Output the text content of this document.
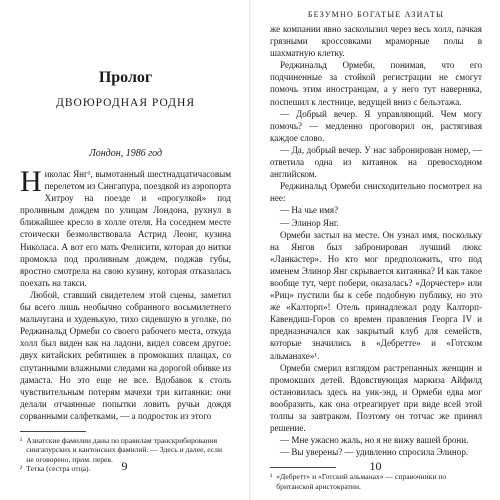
Пролог
ДВОЮРОДНАЯ РОДНЯ
Лондон, 1986 год

Николас Янг¹, вымотанный шестнадцатичасовым перелетом из Сингапура, поездкой из аэропорта Хитроу на поезде и «прогулкой» под проливным дождем по улицам Лондона, рухнул в ближайшее кресло в холле отеля. На соседнем месте стоически безмолвствовала Астрид Леонг, кузина Николаса. А вот его мать Фелисити, которая до нитки промокла под проливным дождем, поджав губы, яростно смотрела на свою кузину, которая отказалась поехать на такси.

Любой, ставший свидетелем этой сцены, заметил бы всего лишь необычно собранного восьмилетнего мальчугана и худенькую, тихо сидевшую в уголке, по Реджинальд Ормеби со своего рабочего места, откуда холл был виден как на ладони, видел совсем другое: двух китайских ребятишек в промокших плащах, со спутанными влажными следами на дорогой обивке из дамаста. Но это еще не все. Вдобавок к столь чувствительным потерям мачехи три китаянки: они делали отчаянные попытки ловить ручьи дождя сорванными салфетками, — а подросток из этого

¹ Азиатские фамилии даны по правилам транскрибирования сингапурских и кантонских фамилий. — Здесь и далее, если не оговорено, прим. перев.
² Тетка (сестра отца).	9
БЕЗУМНО БОГАТЫЕ АЗИАТЫ

же компании явно засколызил через весь холл, пачкая грязными кроссовками мраморные полы в шахматную клетку.

Реджинальд Ормеби, понимая, что его подчиненные за стойкой регистрации не смогут помочь этим иностранцам, а у него тут наверняка, поспешил к лестнице, ведущей вниз с бельэтажа.

— Добрый вечер. Я управляющий. Чем могу помочь? — медленно проговорил он, растягивая каждое слово.

— Да, добрый вечер. У нас забронирован номер, — ответила одна из китаянок на превосходном английском.

Реджинальд Ормеби снисходительно посмотрел на нее:

— На чье имя?

— Элинор Янг.

Ормеби застыл на месте. Он узнал имя, поскольку на Янгов был забронирован лучший люкс «Ланкастер». Но кто мог предположить, что под именем Элинор Янг скрывается китаянка? И как такое вообще тут, черт побери, оказалась? «Дорчестер» или «Риц» пустили бы к себе подобную публику, но это же «Калторп»! Отель принадлежал роду Калторп-Кавендиш-Горов со времен правления Георга IV и предназначался как закрытый клуб для семейств, которые значились в «Дебретте» и «Готском альманахе»¹.

Ормеби смерил взглядом растрепанных женщин и промокших детей. Вдовствующая маркиза Айфилд остановилась здесь на уик-энд, и Ормеби едва мог вообразить, как она отреагирует при виде всей этой толпы за завтраком. Поэтому он тотчас же принял решение.

— Мне ужасно жаль, но я не вижу вашей брони.

— Вы уверены? — удивленно спросила Элинор.

¹ «Дебретт» и «Готский альманах» — справочники по британской аристократии.
10
